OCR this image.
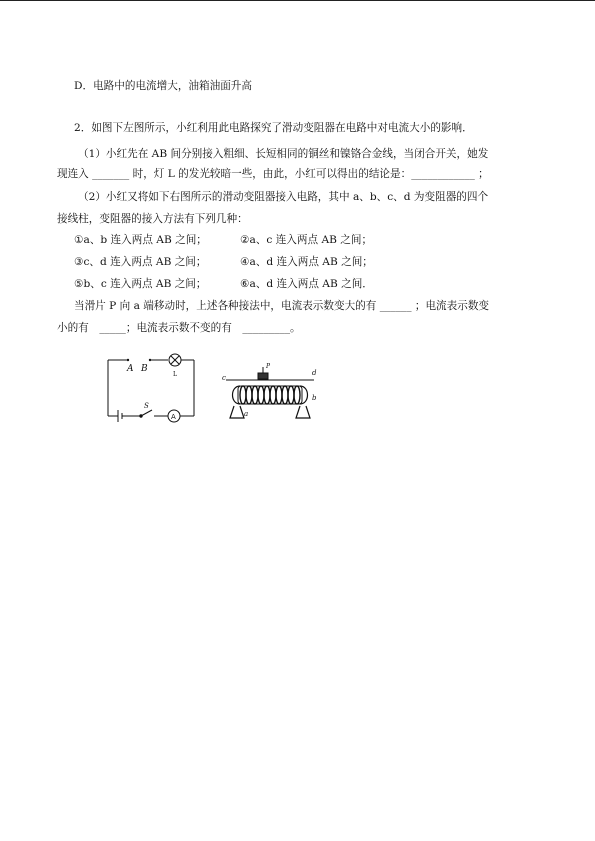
D．电路中的电流增大，油箱油面升高
2．如图下左图所示，小红利用此电路探究了滑动变阻器在电路中对电流大小的影响．
（1）小红先在 AB 间分别接入粗细、长短相同的铜丝和镍铬合金线，当闭合开关，她发
现连入 _______ 时，灯 L 的发光较暗一些，由此，小红可以得出的结论是：____________ ；
（2）小红又将如下右图所示的滑动变阻器接入电路，其中 a、b、c、d 为变阻器的四个
接线柱，变阻器的接入方法有下列几种：
①a、b 连入两点 AB 之间；	②a、c 连入两点 AB 之间；
③c、d 连入两点 AB 之间；	④a、d 连入两点 AB 之间；
⑤b、c 连入两点 AB 之间；	⑥a、d 连入两点 AB 之间．
当滑片 P 向 a 端移动时，上述各种接法中，电流表示数变大的有 ______ ；电流表示数变
小的有　_____；电流表示数不变的有　_________。
A B
L
S
A
c
d
a
b
P
